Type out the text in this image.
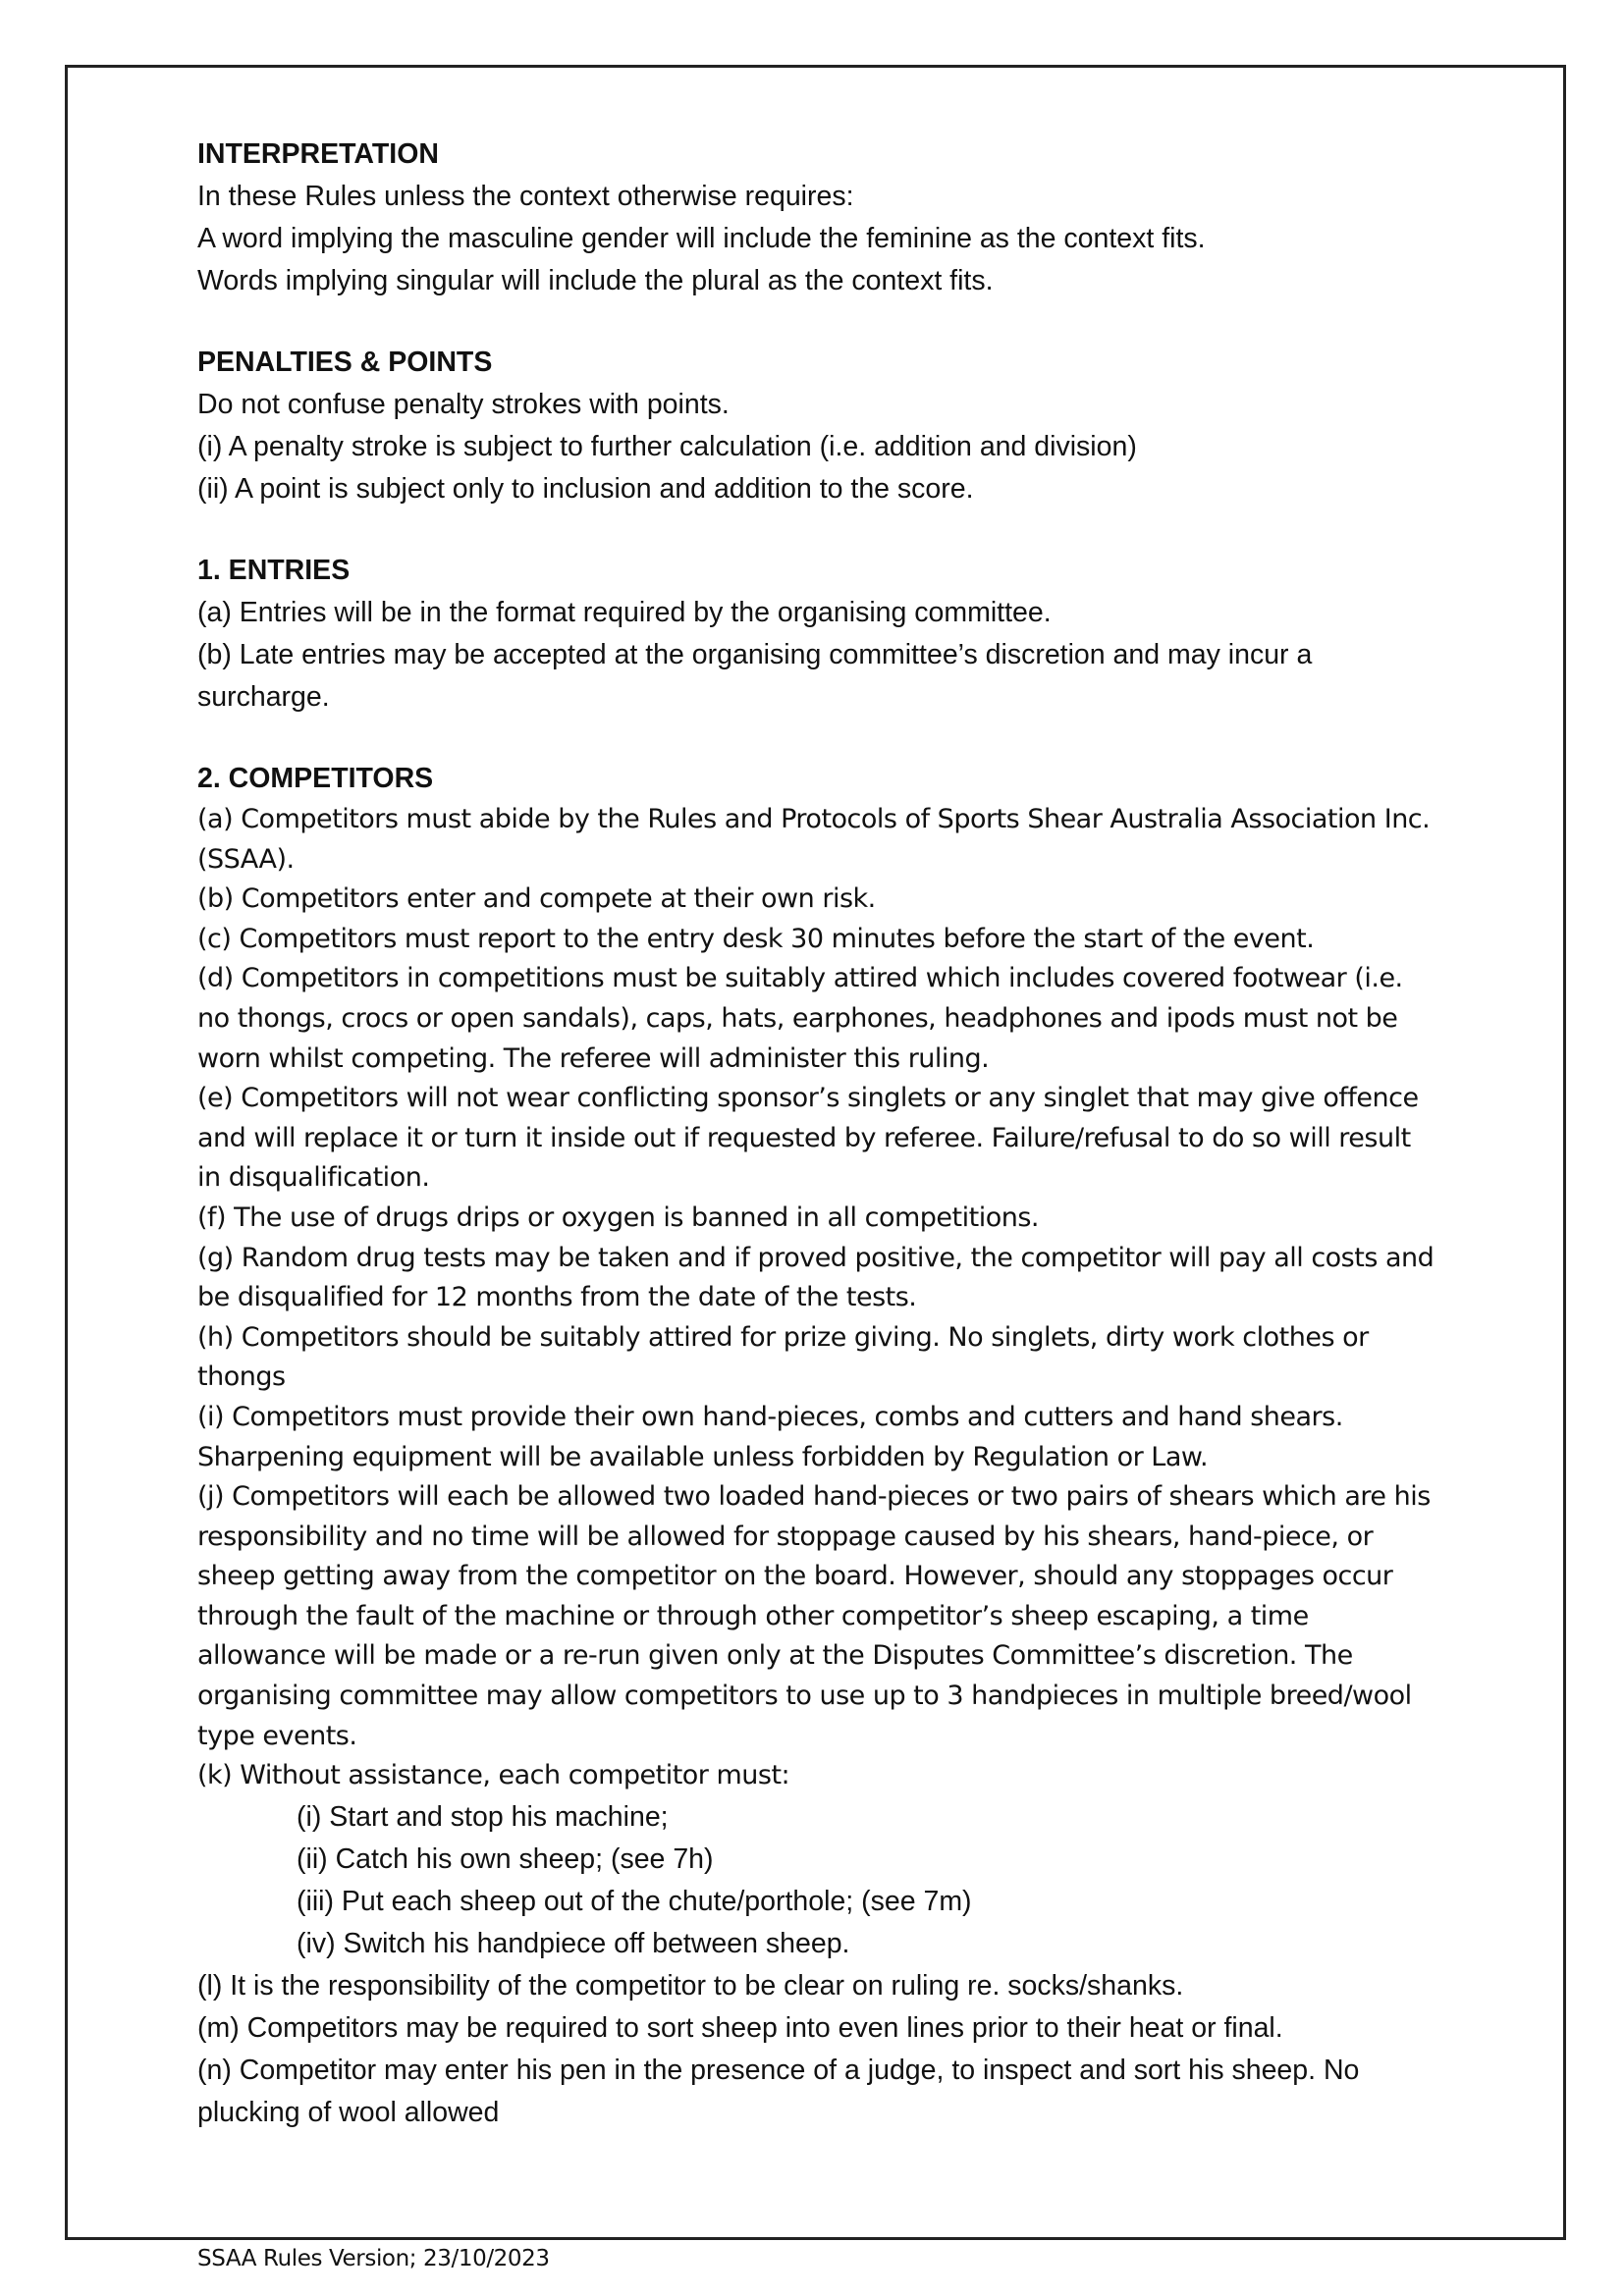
INTERPRETATION

In these Rules unless the context otherwise requires:

A word implying the masculine gender will include the feminine as the context fits.

Words implying singular will include the plural as the context fits.

PENALTIES & POINTS

Do not confuse penalty strokes with points.

(i) A penalty stroke is subject to further calculation (i.e. addition and division)

(ii) A point is subject only to inclusion and addition to the score.

1. ENTRIES

(a) Entries will be in the format required by the organising committee.

(b) Late entries may be accepted at the organising committee’s discretion and may incur a surcharge.

2. COMPETITORS

(a) Competitors must abide by the Rules and Protocols of Sports Shear Australia Association Inc. (SSAA).

(b) Competitors enter and compete at their own risk.

(c) Competitors must report to the entry desk 30 minutes before the start of the event.

(d) Competitors in competitions must be suitably attired which includes covered footwear (i.e. no thongs, crocs or open sandals), caps, hats, earphones, headphones and ipods must not be worn whilst competing. The referee will administer this ruling.

(e) Competitors will not wear conflicting sponsor’s singlets or any singlet that may give offence and will replace it or turn it inside out if requested by referee. Failure/refusal to do so will result in disqualification.

(f) The use of drugs drips or oxygen is banned in all competitions.

(g) Random drug tests may be taken and if proved positive, the competitor will pay all costs and be disqualified for 12 months from the date of the tests.

(h) Competitors should be suitably attired for prize giving. No singlets, dirty work clothes or thongs

(i) Competitors must provide their own hand-pieces, combs and cutters and hand shears. Sharpening equipment will be available unless forbidden by Regulation or Law.

(j) Competitors will each be allowed two loaded hand-pieces or two pairs of shears which are his responsibility and no time will be allowed for stoppage caused by his shears, hand-piece, or sheep getting away from the competitor on the board. However, should any stoppages occur through the fault of the machine or through other competitor’s sheep escaping, a time allowance will be made or a re-run given only at the Disputes Committee’s discretion. The organising committee may allow competitors to use up to 3 handpieces in multiple breed/wool type events.

(k) Without assistance, each competitor must:

(i) Start and stop his machine;

(ii) Catch his own sheep; (see 7h)

(iii) Put each sheep out of the chute/porthole; (see 7m)

(iv) Switch his handpiece off between sheep.

(l) It is the responsibility of the competitor to be clear on ruling re. socks/shanks.

(m) Competitors may be required to sort sheep into even lines prior to their heat or final.

(n) Competitor may enter his pen in the presence of a judge, to inspect and sort his sheep. No plucking of wool allowed

SSAA Rules Version; 23/10/2023
